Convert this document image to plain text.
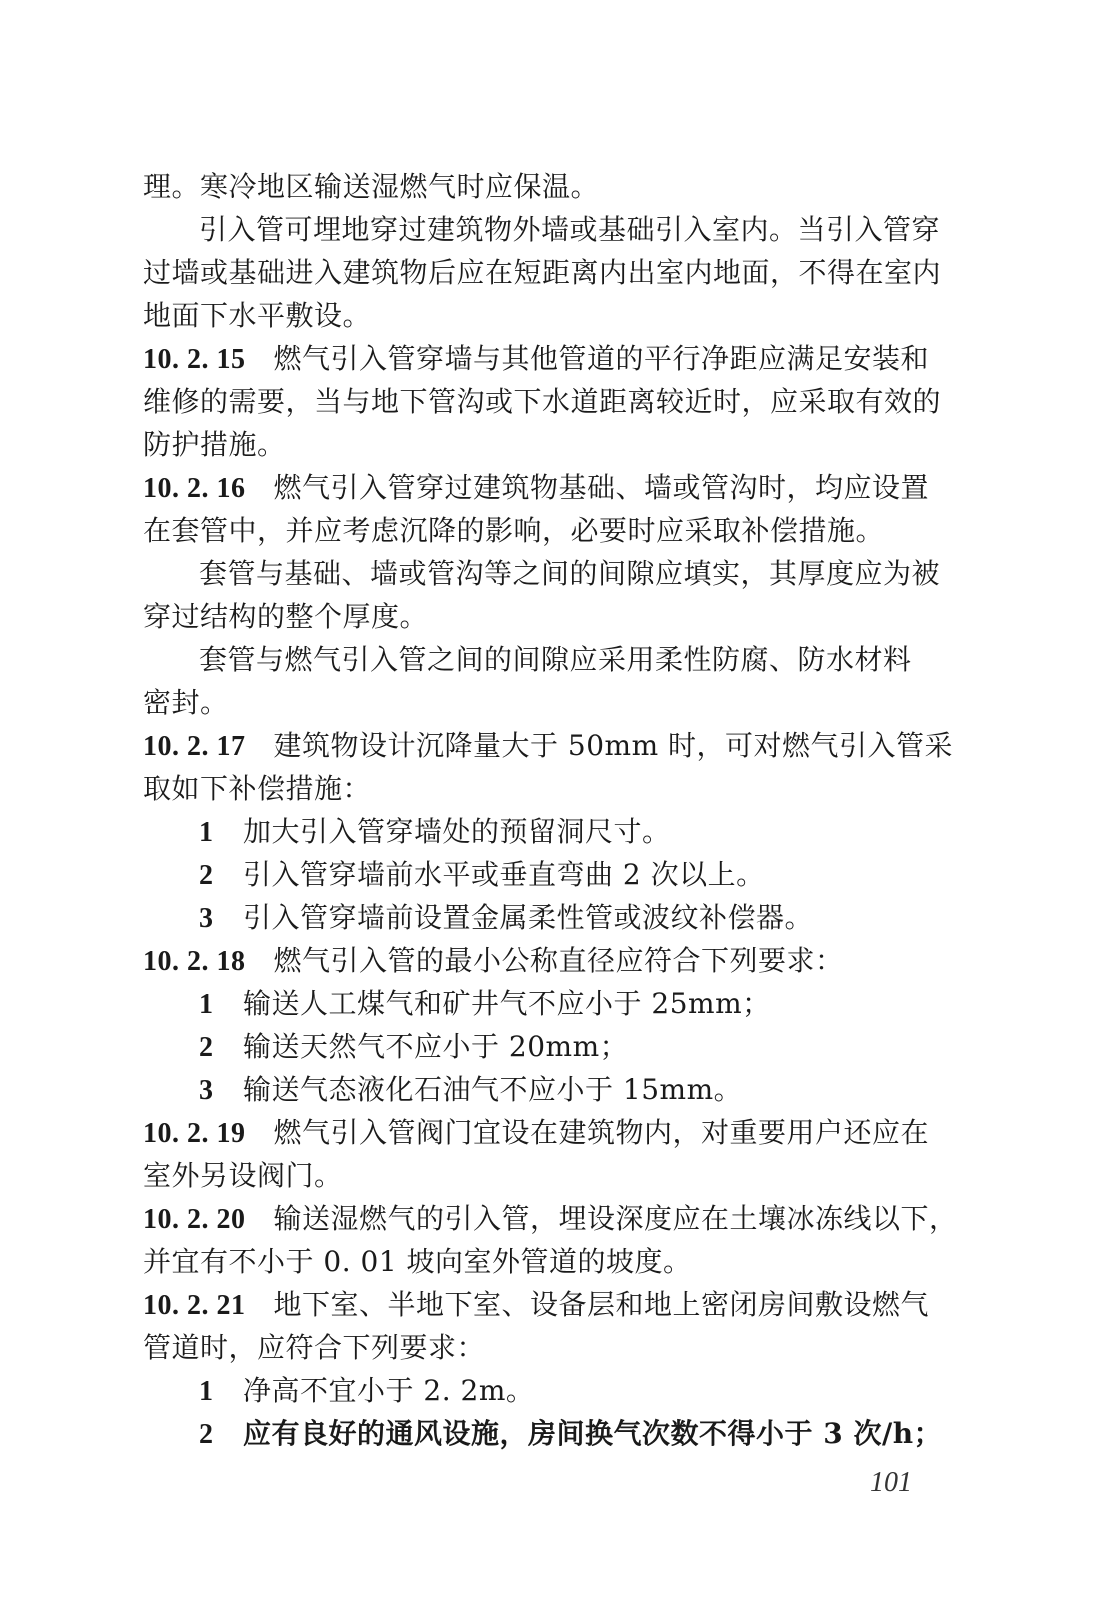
理。寒冷地区输送湿燃气时应保温。
引入管可埋地穿过建筑物外墙或基础引入室内。当引入管穿
过墙或基础进入建筑物后应在短距离内出室内地面，不得在室内
地面下水平敷设。
10. 2. 15 燃气引入管穿墙与其他管道的平行净距应满足安装和
维修的需要，当与地下管沟或下水道距离较近时，应采取有效的
防护措施。
10. 2. 16 燃气引入管穿过建筑物基础、墙或管沟时，均应设置
在套管中，并应考虑沉降的影响，必要时应采取补偿措施。
套管与基础、墙或管沟等之间的间隙应填实，其厚度应为被
穿过结构的整个厚度。
套管与燃气引入管之间的间隙应采用柔性防腐、防水材料
密封。
10. 2. 17 建筑物设计沉降量大于 50mm 时，可对燃气引入管采
取如下补偿措施：
1 加大引入管穿墙处的预留洞尺寸。
2 引入管穿墙前水平或垂直弯曲 2 次以上。
3 引入管穿墙前设置金属柔性管或波纹补偿器。
10. 2. 18 燃气引入管的最小公称直径应符合下列要求：
1 输送人工煤气和矿井气不应小于 25mm；
2 输送天然气不应小于 20mm；
3 输送气态液化石油气不应小于 15mm。
10. 2. 19 燃气引入管阀门宜设在建筑物内，对重要用户还应在
室外另设阀门。
10. 2. 20 输送湿燃气的引入管，埋设深度应在土壤冰冻线以下，
并宜有不小于 0. 01 坡向室外管道的坡度。
10. 2. 21 地下室、半地下室、设备层和地上密闭房间敷设燃气
管道时，应符合下列要求：
1 净高不宜小于 2. 2m。
2 应有良好的通风设施，房间换气次数不得小于 3 次/h；
101
